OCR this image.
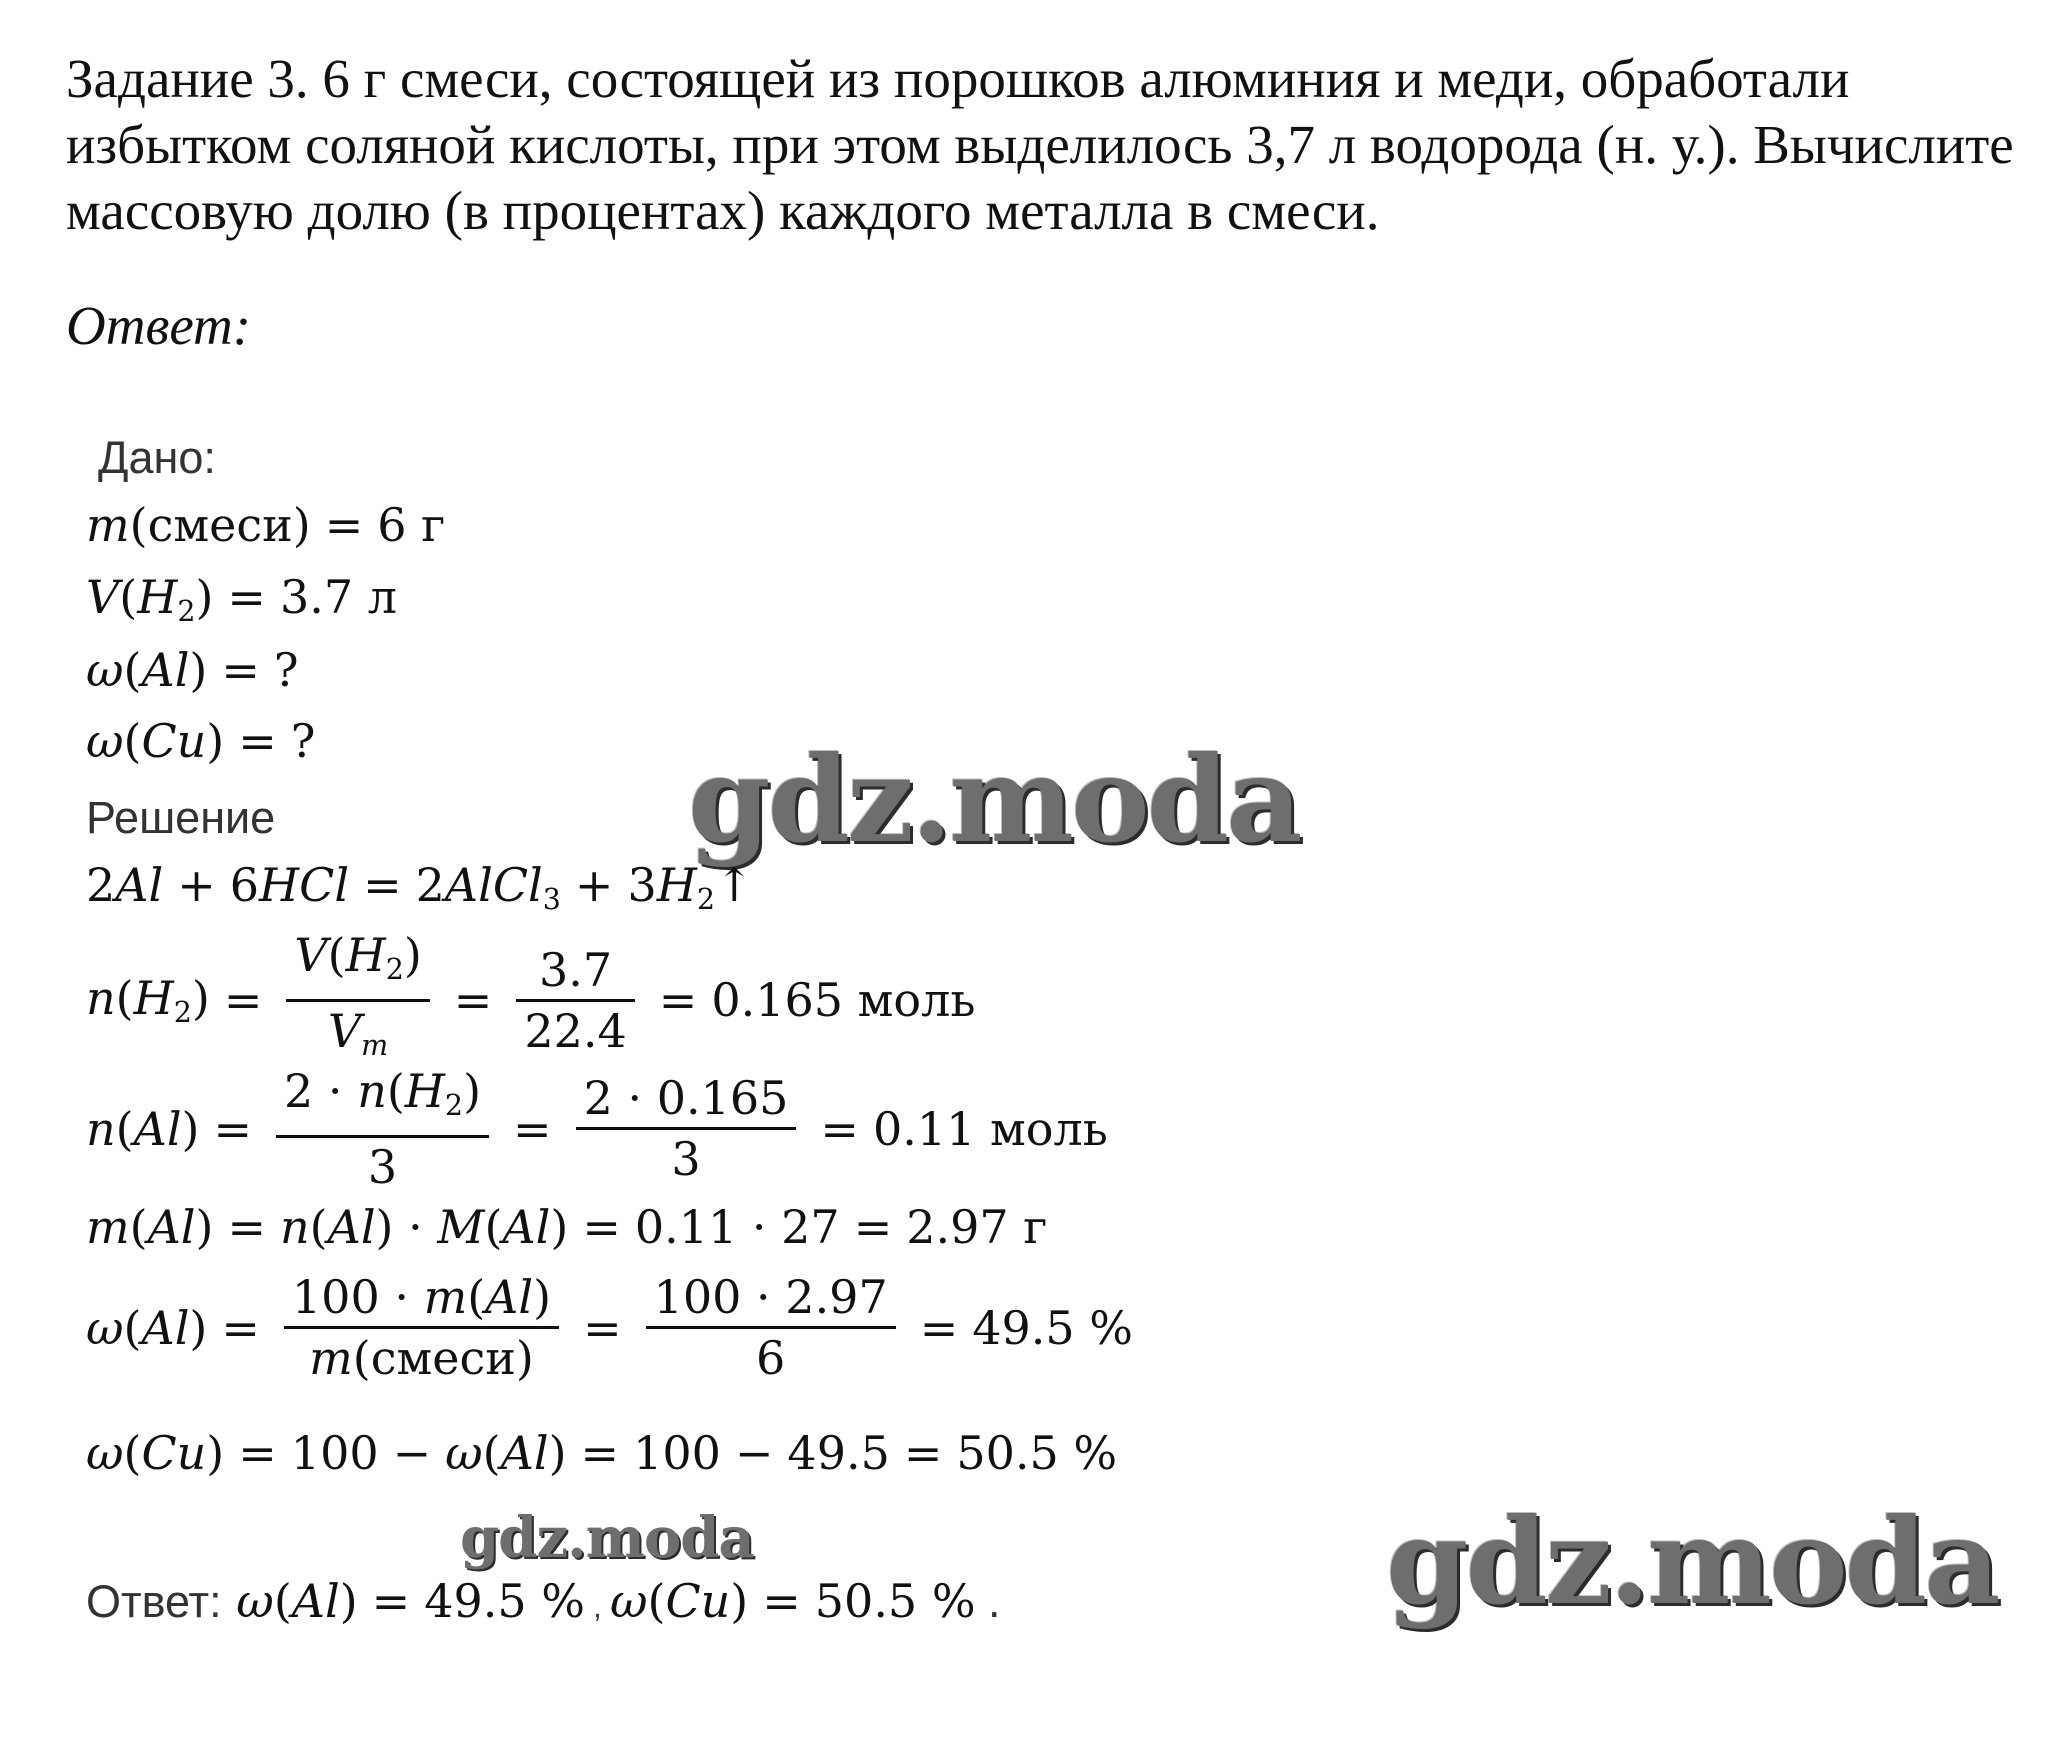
Задание 3. 6 г смеси, состоящей из порошков алюминия и меди, обработали избытком соляной кислоты, при этом выделилось 3,7 л водорода (н. у.). Вычислите массовую долю (в процентах) каждого металла в смеси.
Ответ:
gdz.moda
gdz.moda	gdz.moda
Дано:
m(смеси) = 6 г
$V(H_2) = 3.7$ л
ω(Al) = ?
ω(Cu) = ?
Решение
2Al + 6HCl = 2AlCl$_3$ + $3H_2↑$
$n(H_2) = \frac{V(H_2)}{V_m} = \frac{3.7}{22.4} = 0.165$ моль
$n(Al) = \frac{2 \cdot n(H_2)}{3} = \frac{2 \cdot 0.165}{3} = 0.11$ моль
m(Al) = n(Al) · M(Al) = 0.11 · 27 = 2.97 г
$\omega(Al) = \frac{100 \cdot m(Al)}{\text{m(смеси)}} = \frac{100 \cdot 2.97}{6} = 49.5$ %
ω(Cu) = 100 − ω(Al) = 100 − 49.5 = 50.5 %
Ответ: ω(Al) = 49.5 % , ω(Cu) = 50.5 % .
